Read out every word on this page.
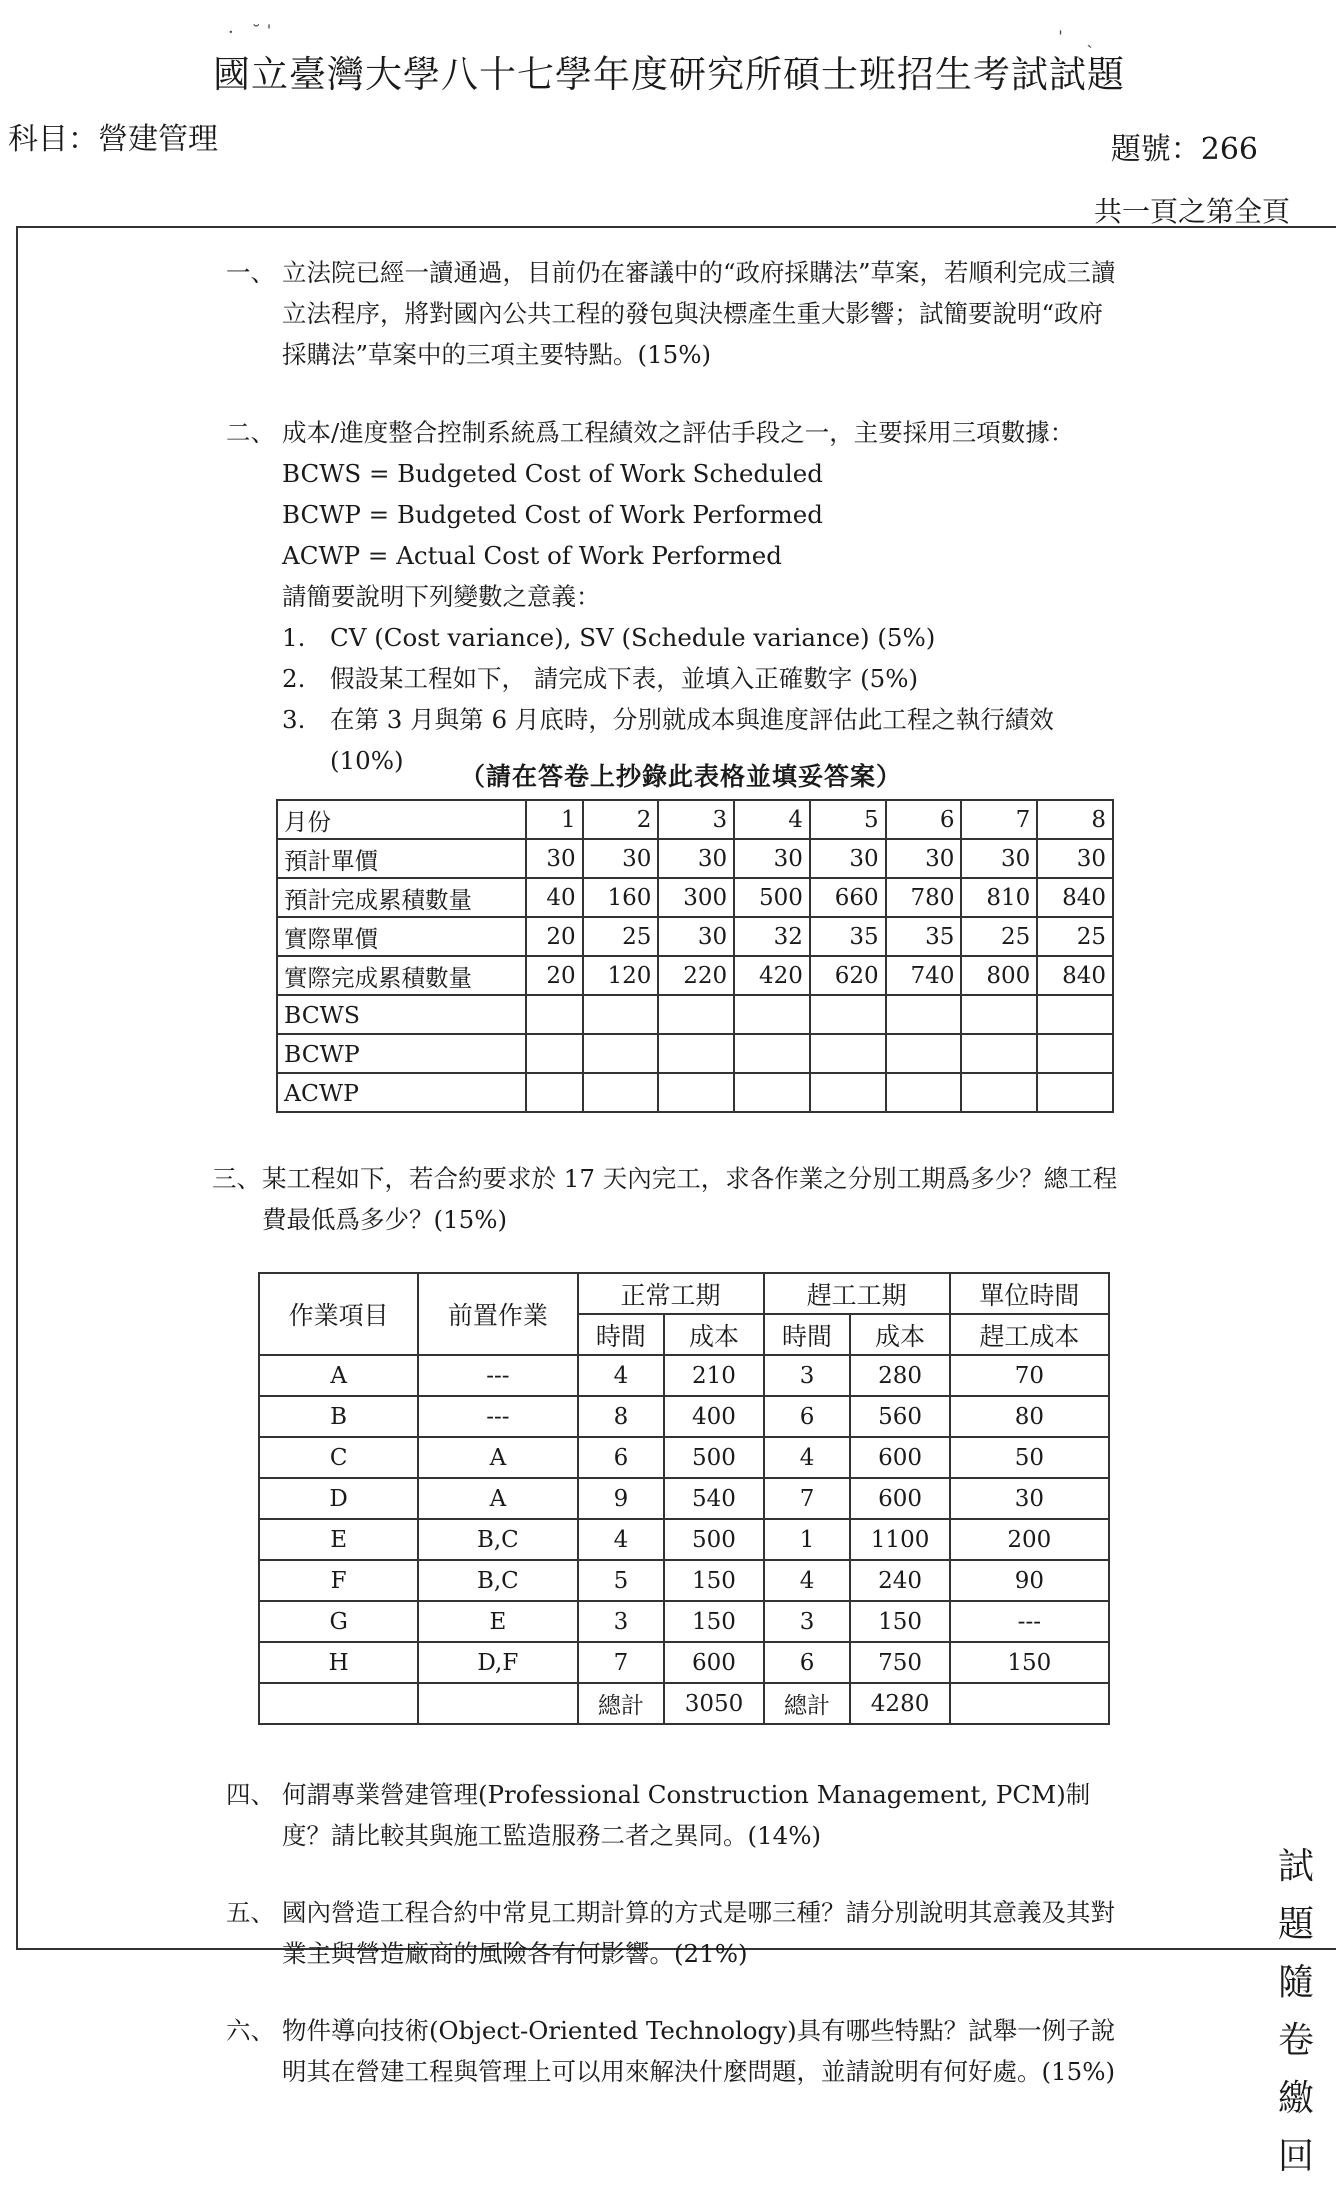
國立臺灣大學八十七學年度研究所碩士班招生考試試題
科目：營建管理	題號：266
共一頁之第全頁
·　˘ ˈ	ˈ　 ˎ
一、 立法院已經一讀通過，目前仍在審議中的“政府採購法”草案，若順利完成三讀立法程序，將對國內公共工程的發包與決標產生重大影響；試簡要說明“政府採購法”草案中的三項主要特點。(15%)
二、 成本/進度整合控制系統爲工程績效之評估手段之一，主要採用三項數據：
BCWS = Budgeted Cost of Work Scheduled
BCWP = Budgeted Cost of Work Performed
ACWP = Actual Cost of Work Performed
請簡要說明下列變數之意義：
1. CV (Cost variance), SV (Schedule variance) (5%)
2. 假設某工程如下， 請完成下表，並填入正確數字 (5%)
3. 在第 3 月與第 6 月底時，分別就成本與進度評估此工程之執行績效 (10%)
（請在答卷上抄錄此表格並填妥答案）
月份	1	2	3	4	5	6	7	8
預計單價	30	30	30	30	30	30	30	30
預計完成累積數量	40	160	300	500	660	780	810	840
實際單價	20	25	30	32	35	35	25	25
實際完成累積數量	20	120	220	420	620	740	800	840
BCWS								
BCWP								
ACWP								
三、 某工程如下，若合約要求於 17 天內完工，求各作業之分別工期爲多少？總工程費最低爲多少？(15%)
作業項目	前置作業	正常工期		趕工工期		單位時間
		時間	成本	時間	成本	趕工成本
A	---	4	210	3	280	70
B	---	8	400	6	560	80
C	A	6	500	4	600	50
D	A	9	540	7	600	30
E	B,C	4	500	1	1100	200
F	B,C	5	150	4	240	90
G	E	3	150	3	150	---
H	D,F	7	600	6	750	150
		總計	3050	總計	4280	
四、 何謂專業營建管理(Professional Construction Management, PCM)制度？請比較其與施工監造服務二者之異同。(14%)
五、 國內營造工程合約中常見工期計算的方式是哪三種？請分別說明其意義及其對業主與營造廠商的風險各有何影響。(21%)
六、 物件導向技術(Object-Oriented Technology)具有哪些特點？試舉一例子說明其在營建工程與管理上可以用來解決什麼問題，並請說明有何好處。(15%)
試
題
隨
卷
繳
回
